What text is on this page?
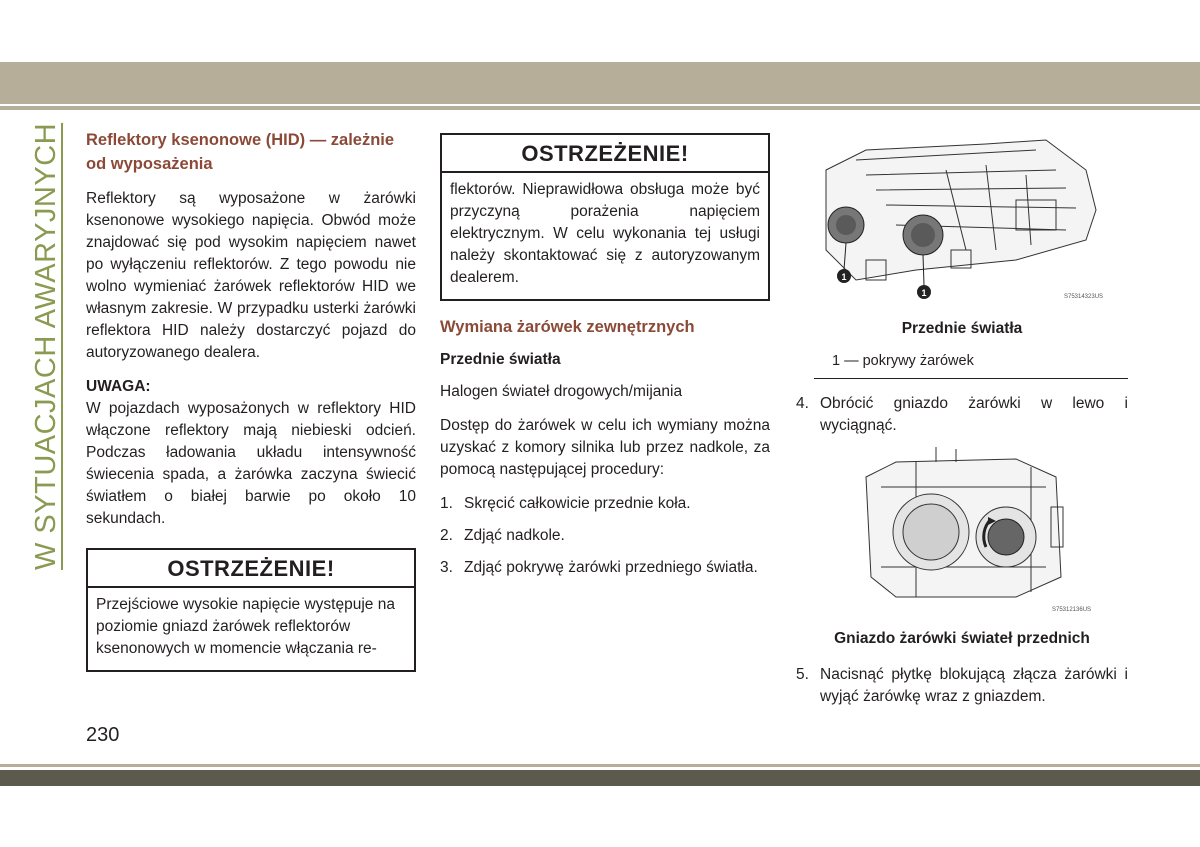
W SYTUACJACH AWARYJNYCH	Reflektory ksenonowe (HID) — zależnie od wyposażenia

Reflektory są wyposażone w żarówki ksenonowe wysokiego napięcia. Obwód może znajdować się pod wysokim napięciem nawet po wyłączeniu reflektorów. Z tego powodu nie wolno wymieniać żarówek reflektorów HID we własnym zakresie. W przypadku usterki żarówki reflektora HID należy dostarczyć pojazd do autoryzowanego dealera.

UWAGA:

W pojazdach wyposażonych w reflektory HID włączone reflektory mają niebieski odcień. Podczas ładowania układu intensywność świecenia spada, a żarówka zaczyna świecić światłem o białej barwie po około 10 sekundach.

OSTRZEŻENIE!
Przejściowe wysokie napięcie występuje na poziomie gniazd żarówek reflektorów ksenonowych w momencie włączania re-
OSTRZEŻENIE!
flektorów. Nieprawidłowa obsługa może być przyczyną porażenia napięciem elektrycznym. W celu wykonania tej usługi należy skontaktować się z autoryzowanym dealerem.
Wymiana żarówek zewnętrznych
Przednie światła

Halogen świateł drogowych/mijania

Dostęp do żarówek w celu ich wymiany można uzyskać z komory silnika lub przez nadkole, za pomocą następującej procedury:

1. Skręcić całkowicie przednie koła.
2. Zdjąć nadkole.
3. Zdjąć pokrywę żarówki przedniego światła.
1
1	S75314323US
Przednie światła
1 — pokrywy żarówek
4. Obrócić gniazdo żarówki w lewo i wyciągnąć.
S75312136US
Gniazdo żarówki świateł przednich
5. Nacisnąć płytkę blokującą złącza żarówki i wyjąć żarówkę wraz z gniazdem.
230
